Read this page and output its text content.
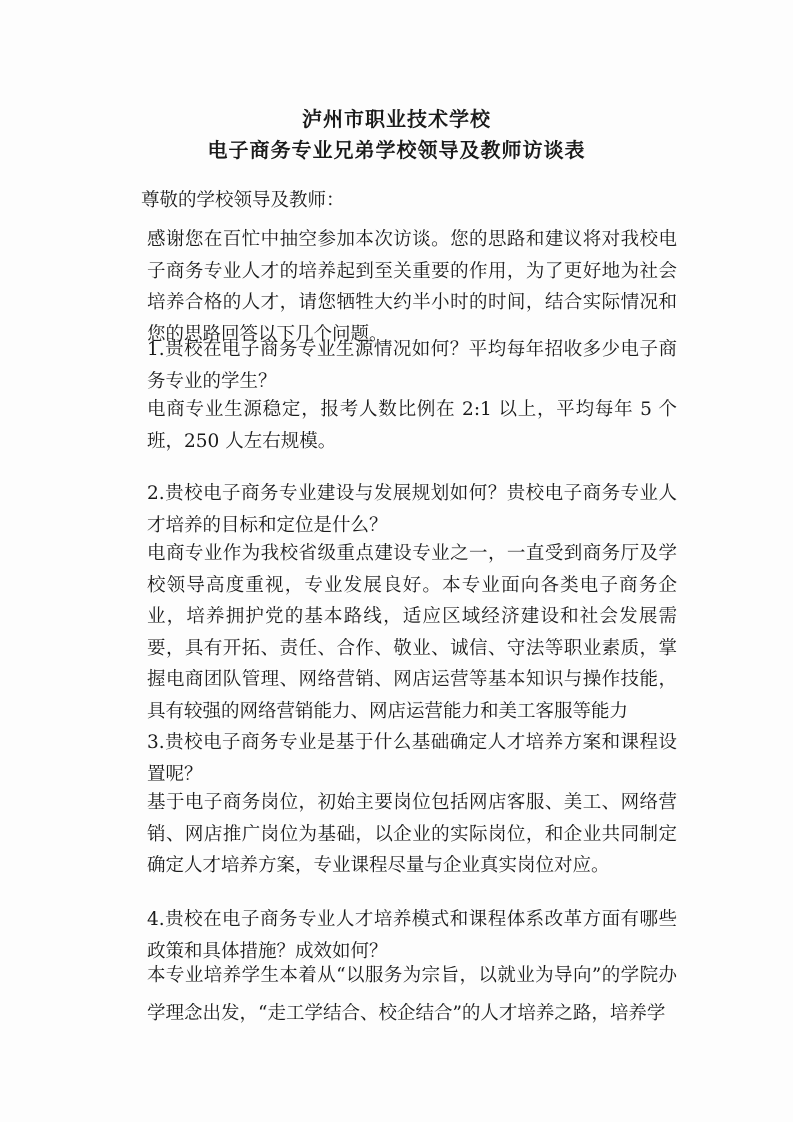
泸州市职业技术学校
电子商务专业兄弟学校领导及教师访谈表
尊敬的学校领导及教师：
感谢您在百忙中抽空参加本次访谈。您的思路和建议将对我校电子商务专业人才的培养起到至关重要的作用，为了更好地为社会培养合格的人才，请您牺牲大约半小时的时间，结合实际情况和您的思路回答以下几个问题。
1.贵校在电子商务专业生源情况如何？平均每年招收多少电子商务专业的学生？
电商专业生源稳定，报考人数比例在 2:1 以上，平均每年 5 个班，250 人左右规模。
2.贵校电子商务专业建设与发展规划如何？贵校电子商务专业人才培养的目标和定位是什么？
电商专业作为我校省级重点建设专业之一，一直受到商务厅及学校领导高度重视，专业发展良好。本专业面向各类电子商务企业，培养拥护党的基本路线，适应区域经济建设和社会发展需要，具有开拓、责任、合作、敬业、诚信、守法等职业素质，掌握电商团队管理、网络营销、网店运营等基本知识与操作技能，具有较强的网络营销能力、网店运营能力和美工客服等能力
3.贵校电子商务专业是基于什么基础确定人才培养方案和课程设置呢？
基于电子商务岗位，初始主要岗位包括网店客服、美工、网络营销、网店推广岗位为基础，以企业的实际岗位，和企业共同制定确定人才培养方案，专业课程尽量与企业真实岗位对应。
4.贵校在电子商务专业人才培养模式和课程体系改革方面有哪些政策和具体措施？成效如何？
本专业培养学生本着从“以服务为宗旨，以就业为导向”的学院办学理念出发，“走工学结合、校企结合”的人才培养之路，培养学
